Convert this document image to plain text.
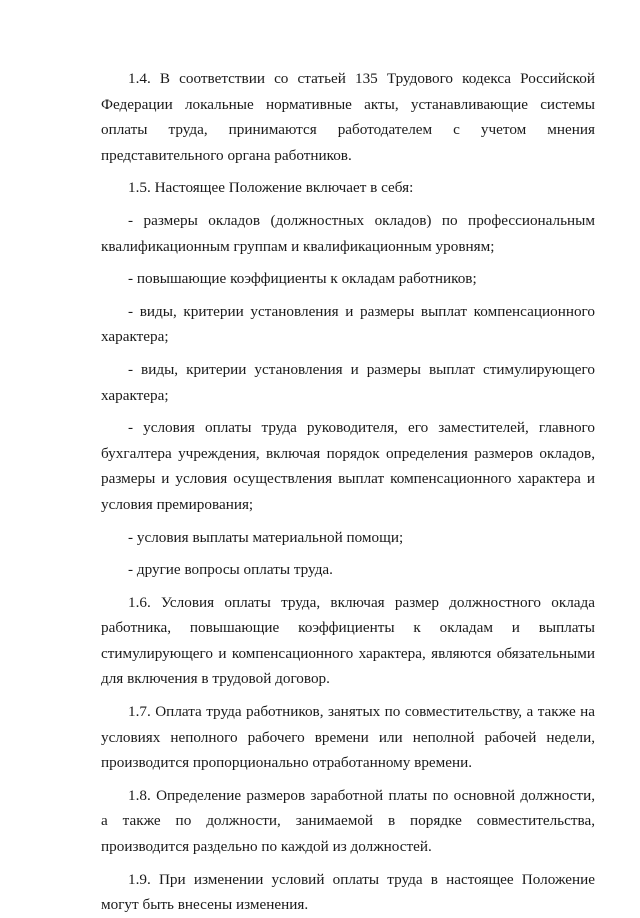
1.4. В соответствии со статьей 135 Трудового кодекса Российской Федерации локальные нормативные акты, устанавливающие системы оплаты труда, принимаются работодателем с учетом мнения представительного органа работников.

1.5. Настоящее Положение включает в себя:

- размеры окладов (должностных окладов) по профессиональным квалификационным группам и квалификационным уровням;

- повышающие коэффициенты к окладам работников;

- виды, критерии установления и размеры выплат компенсационного характера;

- виды, критерии установления и размеры выплат стимулирующего характера;

- условия оплаты труда руководителя, его заместителей, главного бухгалтера учреждения, включая порядок определения размеров окладов, размеры и условия осуществления выплат компенсационного характера и условия премирования;

- условия выплаты материальной помощи;

- другие вопросы оплаты труда.

1.6. Условия оплаты труда, включая размер должностного оклада работника, повышающие коэффициенты к окладам и выплаты стимулирующего и компенсационного характера, являются обязательными для включения в трудовой договор.

1.7. Оплата труда работников, занятых по совместительству, а также на условиях неполного рабочего времени или неполной рабочей недели, производится пропорционально отработанному времени.

1.8. Определение размеров заработной платы по основной должности, а также по должности, занимаемой в порядке совместительства, производится раздельно по каждой из должностей.

1.9. При изменении условий оплаты труда в настоящее Положение могут быть внесены изменения.
